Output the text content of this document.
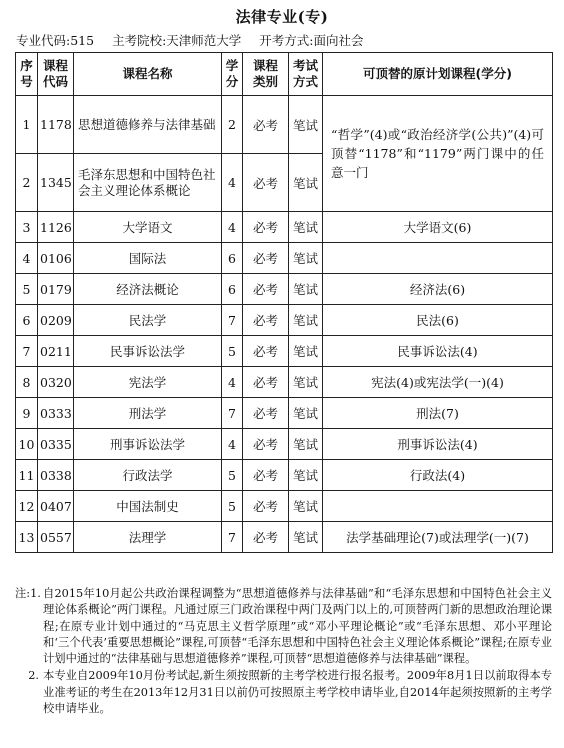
法律专业(专)
专业代码:515 主考院校:天津师范大学 开考方式:面向社会
序号	课程代码	课程名称	学分	课程类别	考试方式	可顶替的原计划课程(学分)
1	1178	思想道德修养与法律基础	2	必考	笔试	“哲学”(4)或“政治经济学(公共)”(4)可顶替“1178”和“1179”两门课中的任意一门
2	1345	毛泽东思想和中国特色社会主义理论体系概论	4	必考	笔试	
3	1126	大学语文	4	必考	笔试	大学语文(6)
4	0106	国际法	6	必考	笔试	
5	0179	经济法概论	6	必考	笔试	经济法(6)
6	0209	民法学	7	必考	笔试	民法(6)
7	0211	民事诉讼法学	5	必考	笔试	民事诉讼法(4)
8	0320	宪法学	4	必考	笔试	宪法(4)或宪法学(一)(4)
9	0333	刑法学	7	必考	笔试	刑法(7)
10	0335	刑事诉讼法学	4	必考	笔试	刑事诉讼法(4)
11	0338	行政法学	5	必考	笔试	行政法(4)
12	0407	中国法制史	5	必考	笔试	
13	0557	法理学	7	必考	笔试	法学基础理论(7)或法理学(一)(7)
注:1. 自2015年10月起公共政治课程调整为“思想道德修养与法律基础”和“毛泽东思想和中国特色社会主义理论体系概论”两门课程。凡通过原三门政治课程中两门及两门以上的,可顶替两门新的思想政治理论课程;在原专业计划中通过的“马克思主义哲学原理”或“邓小平理论概论”或“毛泽东思想、邓小平理论和‘三个代表’重要思想概论”课程,可顶替“毛泽东思想和中国特色社会主义理论体系概论”课程;在原专业计划中通过的“法律基础与思想道德修养”课程,可顶替“思想道德修养与法律基础”课程。
2. 本专业自2009年10月份考试起,新生须按照新的主考学校进行报名报考。2009年8月1日以前取得本专业准考证的考生在2013年12月31日以前仍可按照原主考学校申请毕业,自2014年起须按照新的主考学校申请毕业。
